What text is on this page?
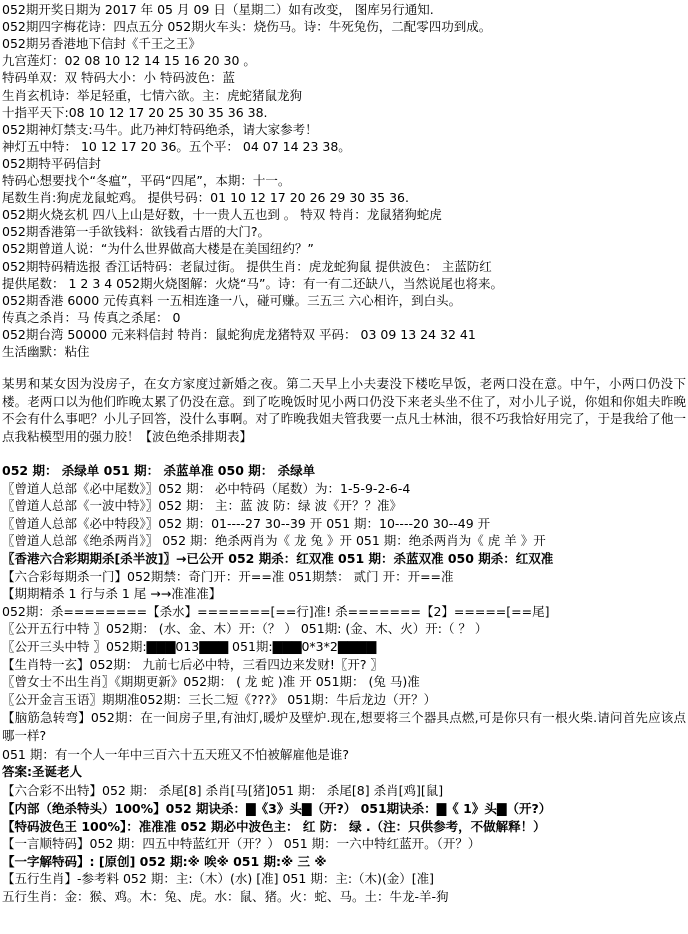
052期开奖日期为 2017 年 05 月 09 日（星期二）如有改变， 图库另行通知.
052期四字梅花诗：四点五分 052期火车头：烧伤马。诗：牛死兔伤，二配零四功到成。
052期另香港地下信封《千王之王》
九宫莲灯：02 08 10 12 14 15 16 20 30 。
特码单双：双 特码大小：小 特码波色：蓝
生肖玄机诗：举足轻重，七情六欲。主：虎蛇猪鼠龙狗
十指平天下:08 10 12 17 20 25 30 35 36 38.
052期神灯禁支:马牛。此乃神灯特码绝杀，请大家参考！
神灯五中特： 10 12 17 20 36。五个平： 04 07 14 23 38。
052期特平码信封
特码心想要找个“冬瘟”，平码“四尾”，本期：十一。
尾数生肖:狗虎龙鼠蛇鸡。 提供号码：01 10 12 17 20 26 29 30 35 36.
052期火烧玄机 四八上山是好数，十一贵人五也到 。 特双 特肖：龙鼠猪狗蛇虎
052期香港第一手欲钱料：欲钱看古厝的大门?。
052期曾道人说：“为什么世界做高大楼是在美国纽约？”
052期特码精选报 香江话特码：老鼠过街。 提供生肖：虎龙蛇狗鼠 提供波色： 主蓝防红
提供尾数： 1 2 3 4 052期火烧图解：火烧“马”。诗：有一有二还缺八，当然说尾也将来。
052期香港 6000 元传真料 一五相连逢一八，碰可赚。三五三 六心相许，到白头。
传真之杀肖：马 传真之杀尾： 0
052期台湾 50000 元来料信封 特肖：鼠蛇狗虎龙猪特双 平码： 03 09 13 24 32 41
生活幽默：粘住
某男和某女因为没房子，在女方家度过新婚之夜。第二天早上小夫妻没下楼吃早饭，老两口没在意。中午，小两口仍没下楼。老两口以为他们昨晚太累了仍没在意。到了吃晚饭时见小两口仍没下来老头坐不住了，对小儿子说，你姐和你姐夫昨晚不会有什么事吧？小儿子回答，没什么事啊。对了昨晚我姐夫管我要一点凡士林油，很不巧我恰好用完了，于是我给了他一点我粘模型用的强力胶！【波色绝杀排期表】
052 期： 杀绿单 051 期： 杀蓝单准 050 期： 杀绿单
〖曾道人总部《必中尾数》〗052 期： 必中特码（尾数）为：1-5-9-2-6-4
〖曾道人总部《一波中特》〗052 期： 主：蓝 波 防：绿 波《开？？准》
〖曾道人总部《必中特段》〗052 期：01----27 30--39 开 051 期：10----20 30--49 开
〖曾道人总部《绝杀两肖》〗 052 期：绝杀两肖为《 龙 兔 》开 051 期：绝杀两肖为《 虎 羊 》开
〖香港六合彩期期杀[杀半波]〗→已公开 052 期杀：红双准 051 期：杀蓝双准 050 期杀：红双准
【六合彩每期杀一门】052期禁：奇门开：开==准 051期禁： 贰门 开：开==准
【期期精杀 1 行与杀 1 尾 →→准准准】
052期：杀========【杀水】=======[==行]准! 杀=======【2】=====[==尾]
〖公开五行中特 〗052期： (水、金、木）开:（？ ） 051期: (金、木、火）开:（ ？ ）
〖公开三头中特 〗052期:▇▇▇013▇▇▇ 051期:▇▇▇0*3*2▇▇▇▇
【生肖特一玄】052期： 九前七后必中特，三看四边来发财!〖开? 〗
〖曾女士不出生肖〗《期期更新》052期： ( 龙 蛇 )准 开 051期： (兔 马)准
〖公开金言玉语〗期期准052期：三长二短《???》 051期：牛后龙边（开？）
【脑筋急转弯】052期：在一间房子里,有油灯,暖炉及壁炉.现在,想要将三个器具点燃,可是你只有一根火柴.请问首先应该点哪一样?
051 期：有一个人一年中三百六十五天班又不怕被解雇他是谁?
答案:圣诞老人
【六合彩不出特】052 期： 杀尾[8] 杀肖[马[猪]051 期： 杀尾[8] 杀肖[鸡][鼠]
【内部（绝杀特头）100%】052 期诀杀：▇《3》头▇（开?） 051期诀杀：▇《 1》头▇（开?）
【特码波色王 100%】：准准准 052 期必中波色主： 红 防： 绿 .（注：只供参考，不做解释！）
【一言顺特码】052 期：四五中特蓝红开（开？） 051 期：一六中特红蓝开。（开？）
【一字解特码】: [原创] 052 期:※ 唉※ 051 期:※ 三 ※
【五行生肖】-参考料 052 期：主:（木）(水) [准] 051 期：主:（木)(金）[准]
五行生肖：金：猴、鸡。木：兔、虎。水：鼠、猪。火：蛇、马。土：牛龙-羊-狗
